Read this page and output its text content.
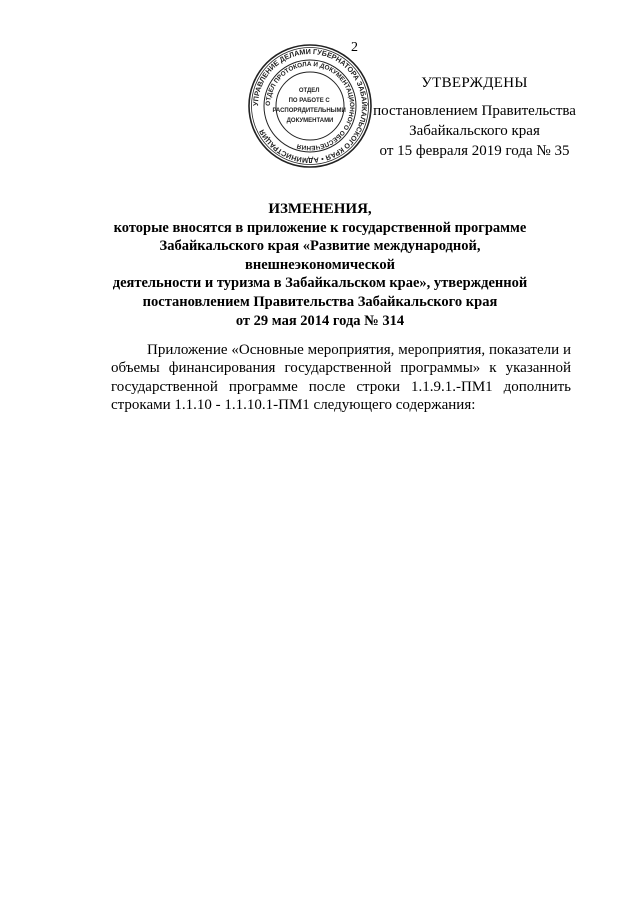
2
УПРАВЛЕНИЕ ДЕЛАМИ ГУБЕРНАТОРА ЗАБАЙКАЛЬСКОГО КРАЯ • АДМИНИСТРАЦИЯ
ОТДЕЛ ПРОТОКОЛА И ДОКУМЕНТАЦИОННОГО ОБЕСПЕЧЕНИЯ
ОТДЕЛ ПО РАБОТЕ С РАСПОРЯДИТЕЛЬНЫМИ ДОКУМЕНТАМИ
УТВЕРЖДЕНЫ
постановлением Правительства
Забайкальского края
от 15 февраля 2019 года № 35
ИЗМЕНЕНИЯ,
которые вносятся в приложение к государственной программе
Забайкальского края «Развитие международной, внешнеэкономической
деятельности и туризма в Забайкальском крае», утвержденной
постановлением Правительства Забайкальского края
от 29 мая 2014 года № 314
Приложение «Основные мероприятия, мероприятия, показатели и объемы финансирования государственной программы» к указанной государственной программе после строки 1.1.9.1.-ПМ1 дополнить строками 1.1.10 - 1.1.10.1-ПМ1 следующего содержания:
